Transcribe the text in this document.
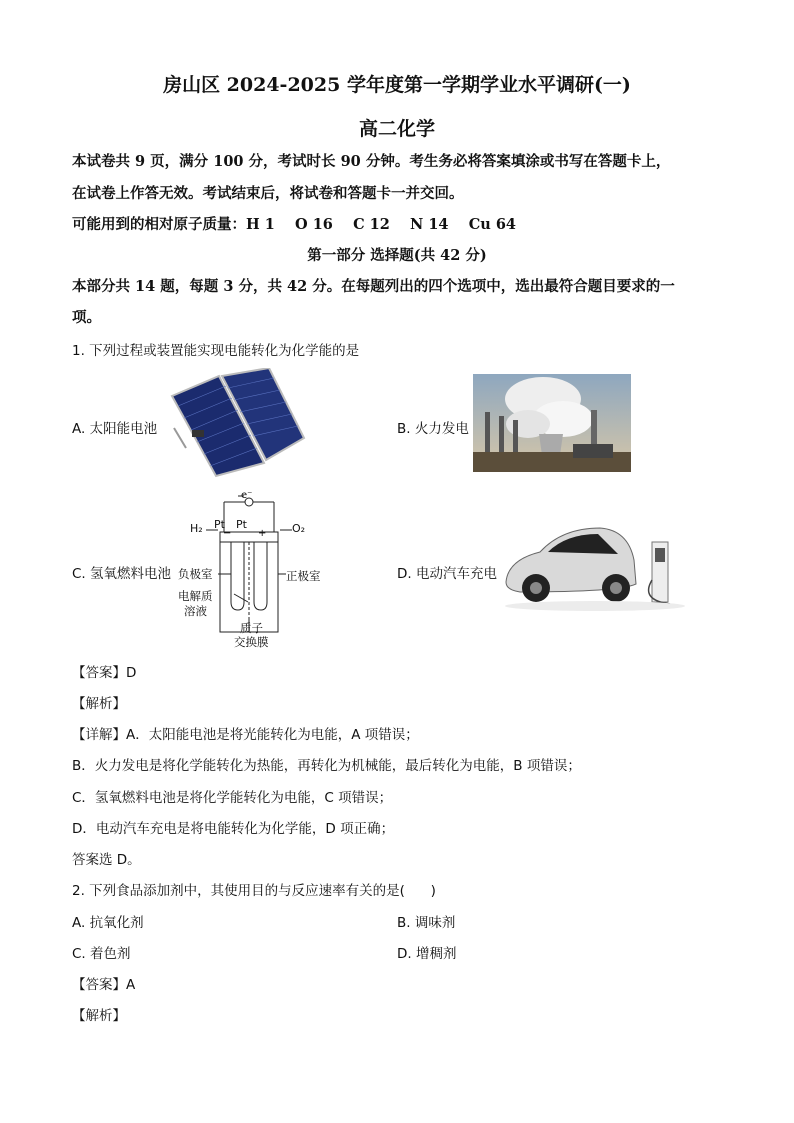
房山区 2024-2025 学年度第一学期学业水平调研(一)
高二化学
本试卷共 9 页，满分 100 分，考试时长 90 分钟。考生务必将答案填涂或书写在答题卡上，
在试卷上作答无效。考试结束后，将试卷和答题卡一并交回。
可能用到的相对原子质量：H 1    O 16    C 12    N 14    Cu 64
第一部分 选择题(共 42 分)
本部分共 14 题，每题 3 分，共 42 分。在每题列出的四个选项中，选出最符合题目要求的一
项。
1. 下列过程或装置能实现电能转化为化学能的是
A. 太阳能电池	B. 火力发电
C. 氢氧燃料电池
e⁻
Pt Pt
−	+
H₂	O₂
负极室	正极室
电解质
溶液
质子
交换膜
D. 电动汽车充电
【答案】D
【解析】
【详解】A．太阳能电池是将光能转化为电能，A 项错误；
B．火力发电是将化学能转化为热能，再转化为机械能，最后转化为电能，B 项错误；
C．氢氧燃料电池是将化学能转化为电能，C 项错误；
D．电动汽车充电是将电能转化为化学能，D 项正确；
答案选 D。
2. 下列食品添加剂中，其使用目的与反应速率有关的是(      )
A. 抗氧化剂	B. 调味剂
C. 着色剂	D. 增稠剂
【答案】A
【解析】
